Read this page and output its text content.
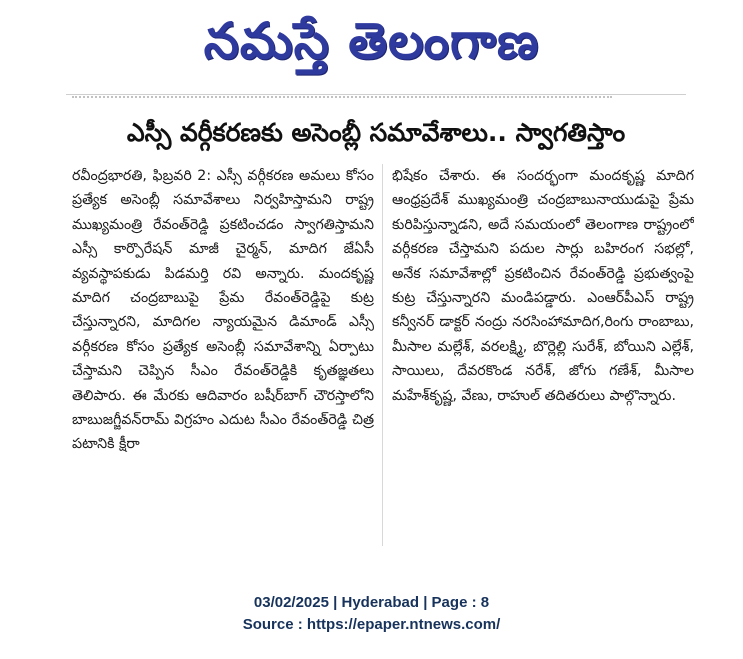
నమస్తే తెలంగాణ
ఎస్సీ వర్గీకరణకు అసెంబ్లీ సమావేశాలు.. స్వాగతిస్తాం
రవీంద్రభారతి, ఫిబ్రవరి 2: ఎస్సీ వర్గీకరణ అమలు కోసం ప్రత్యేక అసెంబ్లీ సమావేశాలు నిర్వహిస్తామని రాష్ట్ర ముఖ్యమంత్రి రేవంత్‌రెడ్డి ప్రకటించడం స్వాగతిస్తామని ఎస్సీ కార్పొరేషన్ మాజీ చైర్మన్, మాదిగ జేఏసీ వ్యవస్థాపకుడు పిడమర్తి రవి అన్నారు. మందకృష్ణ మాదిగ చంద్రబాబుపై ప్రేమ రేవంత్‌రెడ్డిపై కుట్ర చేస్తున్నారని, మాదిగల న్యాయమైన డిమాండ్ ఎస్సీ వర్గీకరణ కోసం ప్రత్యేక అసెంబ్లీ సమావేశాన్ని ఏర్పాటు చేస్తామని చెప్పిన సీఎం రేవంత్‌రెడ్డికి కృతజ్ఞతలు తెలిపారు. ఈ మేరకు ఆదివారం బషీర్‌బాగ్ చౌరస్తాలోని బాబుజగ్జీవన్‌రామ్ విగ్రహం ఎదుట సీఎం రేవంత్‌రెడ్డి చిత్ర పటానికి క్షీరా
భిషేకం చేశారు. ఈ సందర్భంగా మందకృష్ణ మాదిగ ఆంధ్రప్రదేశ్ ముఖ్యమంత్రి చంద్రబాబునాయుడుపై ప్రేమ కురిపిస్తున్నాడని, అదే సమయంలో తెలంగాణ రాష్ట్రంలో వర్గీకరణ చేస్తామని పదుల సార్లు బహిరంగ సభల్లో, అనేక సమావేశాల్లో ప్రకటించిన రేవంత్‌రెడ్డి ప్రభుత్వంపై కుట్ర చేస్తున్నారని మండిపడ్డారు. ఎంఆర్‌పీఎస్ రాష్ట్ర కన్వీనర్ డాక్టర్ నంద్రు నరసింహామాదిగ,రింగు రాంబాబు, మీసాల మల్లేశ్, వరలక్ష్మి, బొర్లెల్లి సురేశ్, బోయిని ఎల్లేశ్, సాయిలు, దేవరకొండ నరేశ్, జోగు గణేశ్, మీసాల మహేశ్‌కృష్ణ, వేణు, రాహుల్ తదితరులు పాల్గొన్నారు.
03/02/2025 | Hyderabad | Page : 8
Source : https://epaper.ntnews.com/
